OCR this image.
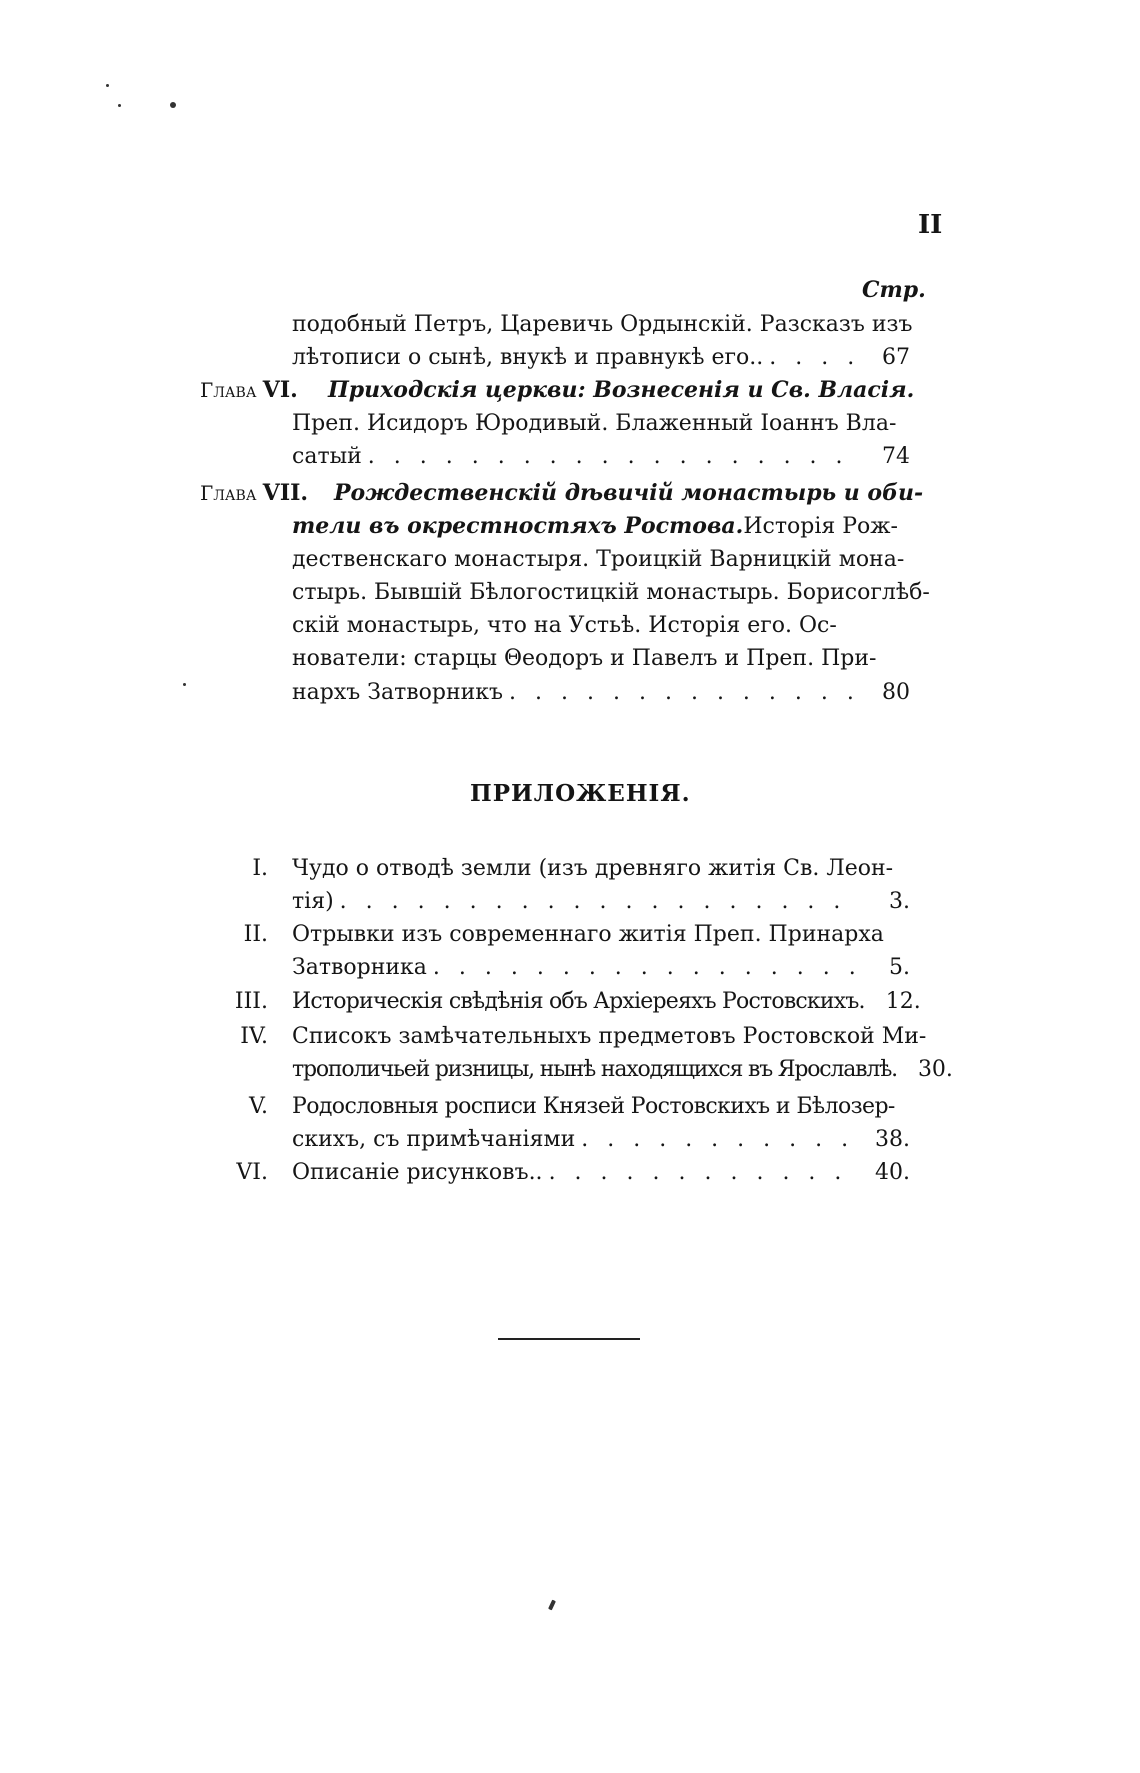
II
Стр.
подобный Петръ, Царевичь Ордынскій. Разсказъ изъ
лѣтописи о сынѣ, внукѣ и правнукѣ его.. . . .	67
Глава VI. Приходскія церкви: Вознесенія и Св. Власія.
Преп. Исидоръ Юродивый. Блаженный Іоаннъ Вла-
сатый . . .	74
Глава VII. Рождественскій дѣвичій монастырь и оби-
тели въ окрестностяхъ Ростова. Исторія Рож-
дественскаго монастыря. Троицкій Варницкій мона-
стырь. Бывшій Бѣлогостицкій монастырь. Борисоглѣб-
скій монастырь, что на Устьѣ. Исторія его. Ос-
нователи: старцы Θеодоръ и Павелъ и Преп. При-
нархъ Затворникъ . . .	80
ПРИЛОЖЕНІЯ.
I. Чудо о отводѣ земли (изъ древняго житія Св. Леон-
тія) . . .	3.
II. Отрывки изъ современнаго житія Преп. Принарха
Затворника . . .	5.
III. Историческія свѣдѣнія объ Архіереяхъ Ростовскихъ. . . . 12.
IV. Списокъ замѣчательныхъ предметовъ Ростовской Ми-
трополичьей ризницы, нынѣ находящихся въ Ярославлѣ. . . . 30.
V. Родословныя росписи Князей Ростовскихъ и Бѣлозер-
скихъ, съ примѣчаніями . . .	38.
VI. Описаніе рисунковъ.. . . .	40.
